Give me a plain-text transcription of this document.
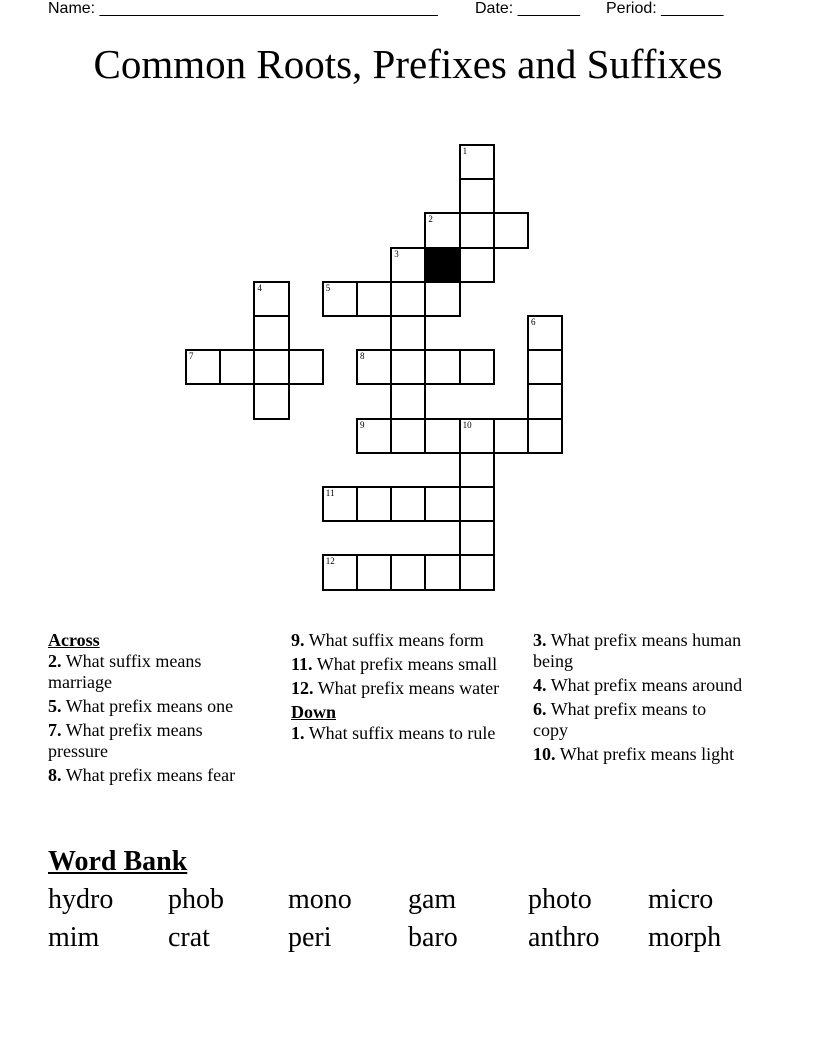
Name: ______________________________________ Date: _______ Period: _______
Common Roots, Prefixes and Suffixes
1
2
3
4	5
6
7	8
9	10
11
12
Across
2. What suffix means marriage
5. What prefix means one
7. What prefix means pressure
8. What prefix means fear
9. What suffix means form
11. What prefix means small
12. What prefix means water
Down
1. What suffix means to rule
3. What prefix means human being
4. What prefix means around
6. What prefix means to copy
10. What prefix means light
Word Bank
hydro	phob	mono	gam	photo	micro
mim	crat	peri	baro	anthro	morph
